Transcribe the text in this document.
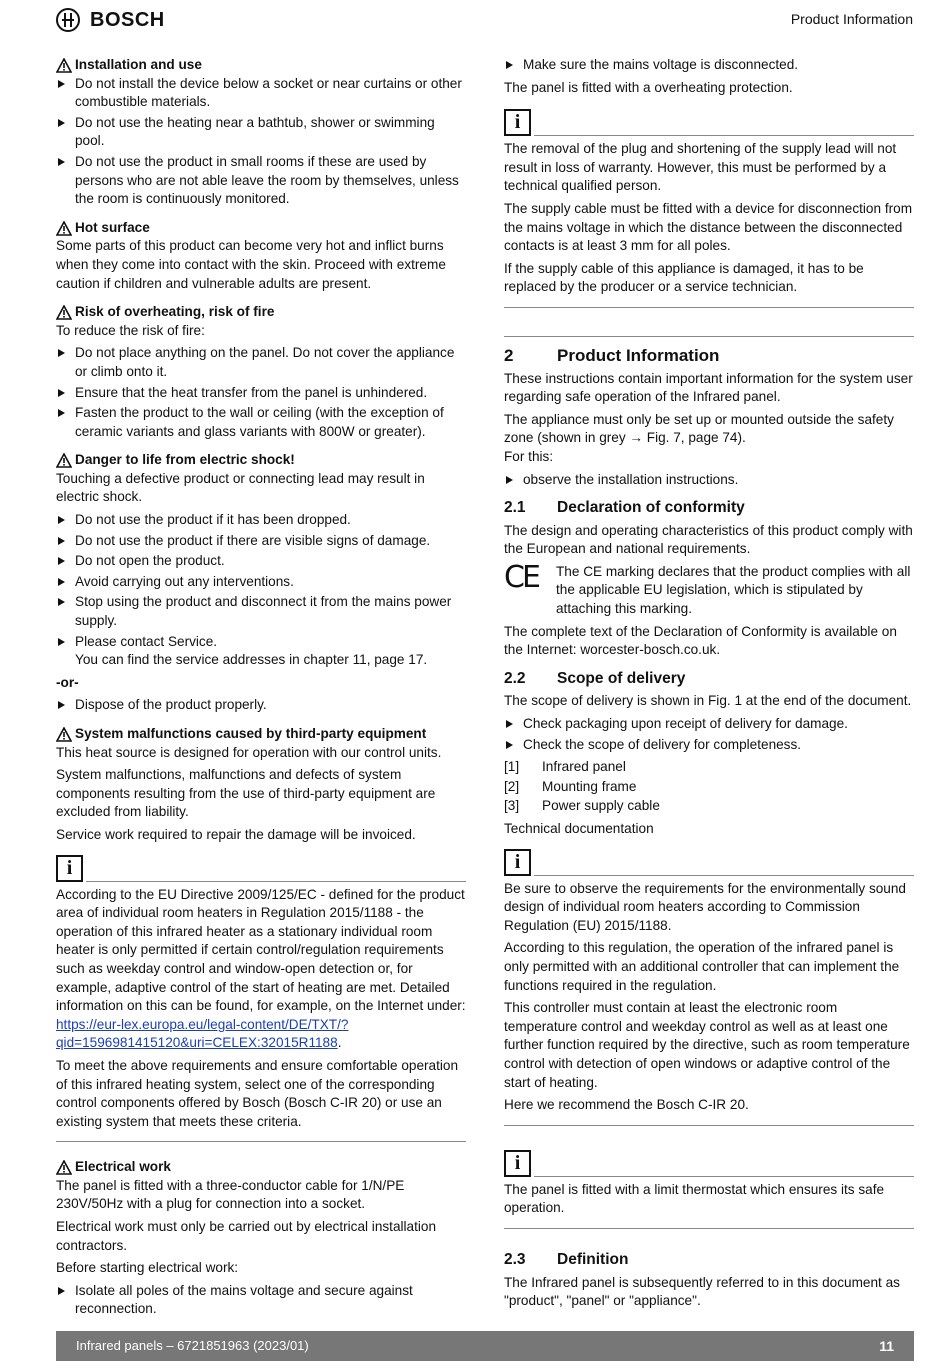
BOSCH	Product Information
Installation and use
Do not install the device below a socket or near curtains or other combustible materials.
Do not use the heating near a bathtub, shower or swimming pool.
Do not use the product in small rooms if these are used by persons who are not able leave the room by themselves, unless the room is continuously monitored.
Hot surface

Some parts of this product can become very hot and inflict burns when they come into contact with the skin. Proceed with extreme caution if children and vulnerable adults are present.

Risk of overheating, risk of fire

To reduce the risk of fire:

Do not place anything on the panel. Do not cover the appliance or climb onto it.
Ensure that the heat transfer from the panel is unhindered.
Fasten the product to the wall or ceiling (with the exception of ceramic variants and glass variants with 800W or greater).
Danger to life from electric shock!

Touching a defective product or connecting lead may result in electric shock.

Do not use the product if it has been dropped.
Do not use the product if there are visible signs of damage.
Do not open the product.
Avoid carrying out any interventions.
Stop using the product and disconnect it from the mains power supply.
Please contact Service.
You can find the service addresses in chapter 11, page 17.

-or-

Dispose of the product properly.
System malfunctions caused by third-party equipment

This heat source is designed for operation with our control units.

System malfunctions, malfunctions and defects of system components resulting from the use of third-party equipment are excluded from liability.

Service work required to repair the damage will be invoiced.

i

According to the EU Directive 2009/125/EC - defined for the product area of individual room heaters in Regulation 2015/1188 - the operation of this infrared heater as a stationary individual room heater is only permitted if certain control/regulation requirements such as weekday control and window-open detection or, for example, adaptive control of the start of heating are met. Detailed information on this can be found, for example, on the Internet under: https://eur-lex.europa.eu/legal-content/DE/TXT/?qid=1596981415120&uri=CELEX:32015R1188.

To meet the above requirements and ensure comfortable operation of this infrared heating system, select one of the corresponding control components offered by Bosch (Bosch C-IR 20) or use an existing system that meets these criteria.

Electrical work

The panel is fitted with a three-conductor cable for 1/N/PE 230V/50Hz with a plug for connection into a socket.

Electrical work must only be carried out by electrical installation contractors.

Before starting electrical work:

Isolate all poles of the mains voltage and secure against reconnection.
Make sure the mains voltage is disconnected.

The panel is fitted with a overheating protection.

i

The removal of the plug and shortening of the supply lead will not result in loss of warranty. However, this must be performed by a technical qualified person.

The supply cable must be fitted with a device for disconnection from the mains voltage in which the distance between the disconnected contacts is at least 3 mm for all poles.

If the supply cable of this appliance is damaged, it has to be replaced by the producer or a service technician.

2	Product Information

These instructions contain important information for the system user regarding safe operation of the Infrared panel.

The appliance must only be set up or mounted outside the safety zone (shown in grey → Fig. 7, page 74).

For this:

observe the installation instructions.
2.1	Declaration of conformity

The design and operating characteristics of this product comply with the European and national requirements.

CE	The CE marking declares that the product complies with all the applicable EU legislation, which is stipulated by attaching this marking.

The complete text of the Declaration of Conformity is available on the Internet: worcester-bosch.co.uk.

2.2	Scope of delivery

The scope of delivery is shown in Fig. 1 at the end of the document.

Check packaging upon receipt of delivery for damage.
Check the scope of delivery for completeness.
[1]	Infrared panel
[2]	Mounting frame
[3]	Power supply cable

Technical documentation

i

Be sure to observe the requirements for the environmentally sound design of individual room heaters according to Commission Regulation (EU) 2015/1188.

According to this regulation, the operation of the infrared panel is only permitted with an additional controller that can implement the functions required in the regulation.

This controller must contain at least the electronic room temperature control and weekday control as well as at least one further function required by the directive, such as room temperature control with detection of open windows or adaptive control of the start of heating.

Here we recommend the Bosch C-IR 20.

i

The panel is fitted with a limit thermostat which ensures its safe operation.

2.3	Definition

The Infrared panel is subsequently referred to in this document as "product", "panel" or "appliance".

Infrared panels – 6721851963 (2023/01)	11
